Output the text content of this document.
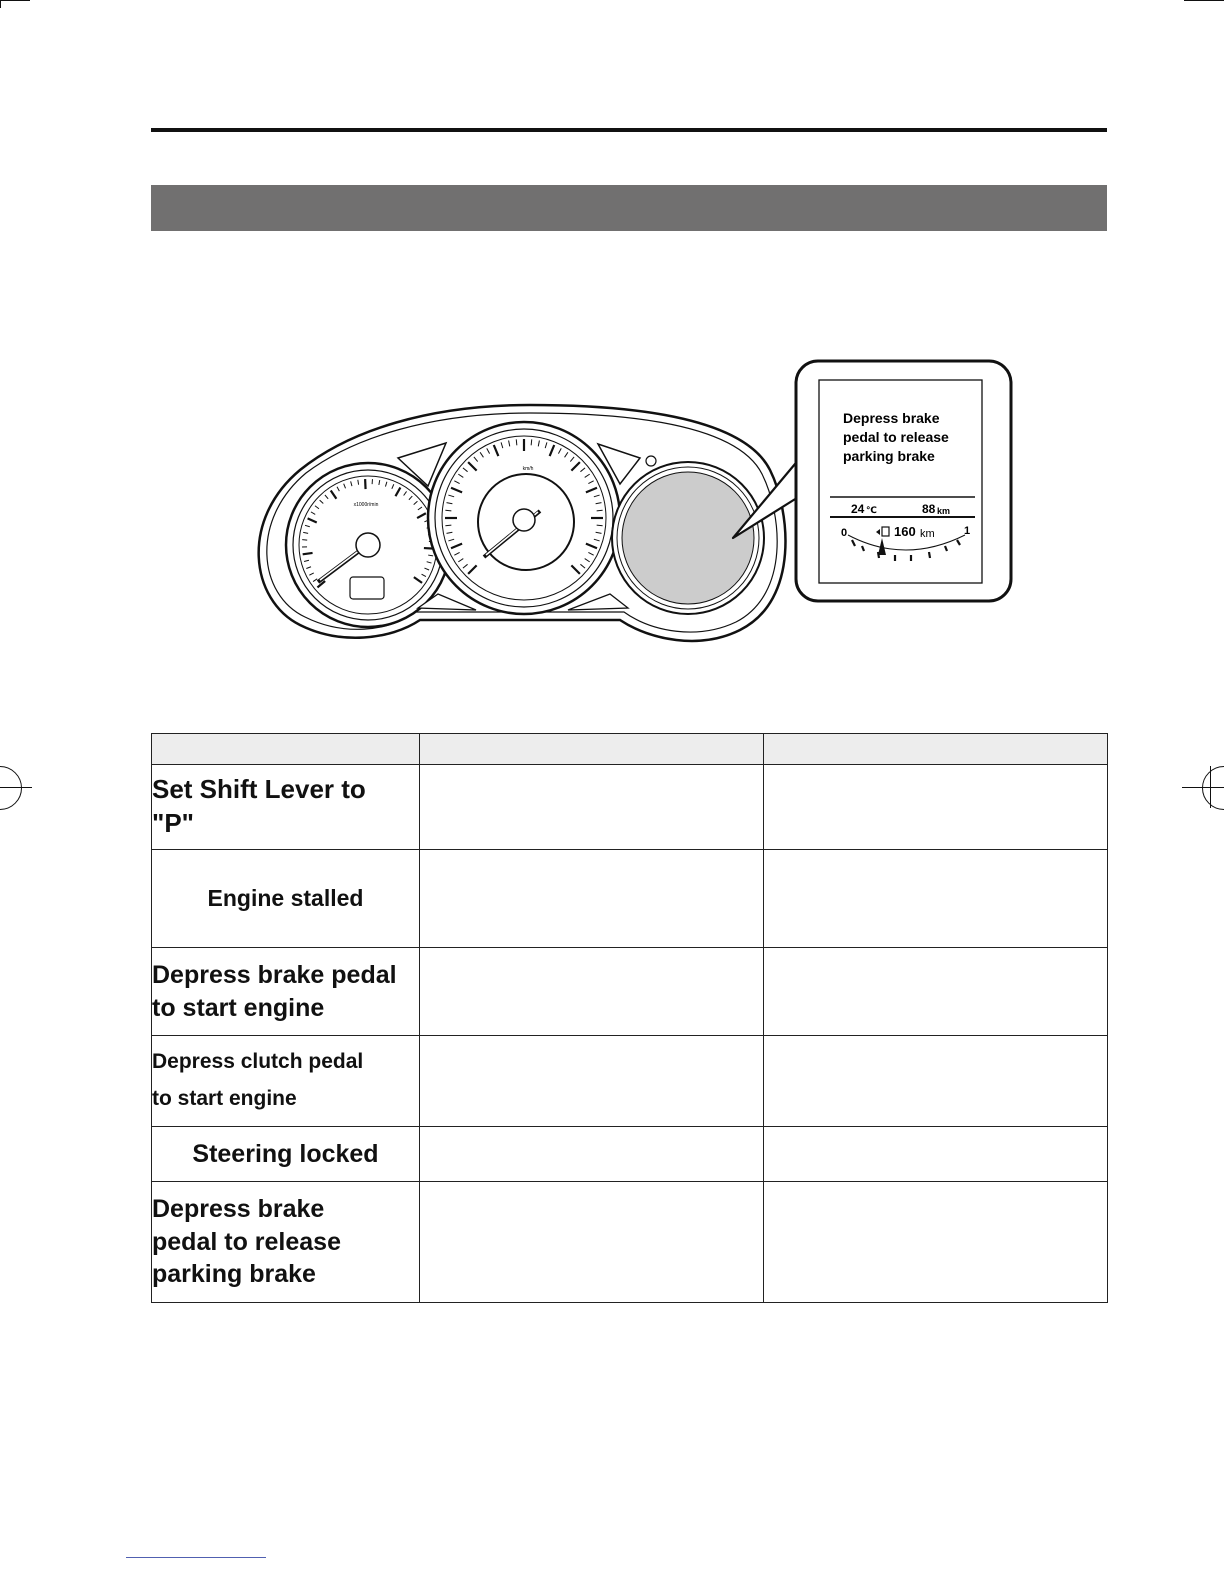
x1000r/min
km/h
Depress brake
pedal to release
parking brake
24 ℃	88 km
0	1
160 km

Set Shift Lever to
"P"		

Engine stalled		

Depress brake pedal
to start engine		

Depress clutch pedal
to start engine		

Steering locked		

Depress brake
pedal to release
parking brake		
